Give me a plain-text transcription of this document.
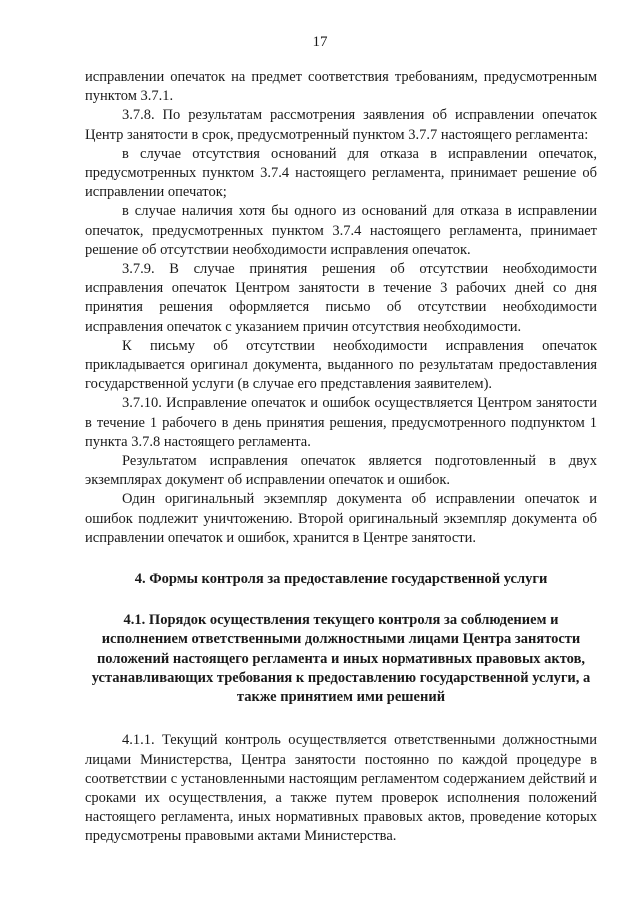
17

исправлении опечаток на предмет соответствия требованиям, предусмотренным пунктом 3.7.1.

3.7.8. По результатам рассмотрения заявления об исправлении опечаток Центр занятости в срок, предусмотренный пунктом 3.7.7 настоящего регламента:

в случае отсутствия оснований для отказа в исправлении опечаток, предусмотренных пунктом 3.7.4 настоящего регламента, принимает решение об исправлении опечаток;

в случае наличия хотя бы одного из оснований для отказа в исправлении опечаток, предусмотренных пунктом 3.7.4 настоящего регламента, принимает решение об отсутствии необходимости исправления опечаток.

3.7.9. В случае принятия решения об отсутствии необходимости исправления опечаток Центром занятости в течение 3 рабочих дней со дня принятия решения оформляется письмо об отсутствии необходимости исправления опечаток с указанием причин отсутствия необходимости.

К письму об отсутствии необходимости исправления опечаток прикладывается оригинал документа, выданного по результатам предоставления государственной услуги (в случае его представления заявителем).

3.7.10. Исправление опечаток и ошибок осуществляется Центром занятости в течение 1 рабочего в день принятия решения, предусмотренного подпунктом 1 пункта 3.7.8 настоящего регламента.

Результатом исправления опечаток является подготовленный в двух экземплярах документ об исправлении опечаток и ошибок.

Один оригинальный экземпляр документа об исправлении опечаток и ошибок подлежит уничтожению. Второй оригинальный экземпляр документа об исправлении опечаток и ошибок, хранится в Центре занятости.

4. Формы контроля за предоставление государственной услуги
4.1. Порядок осуществления текущего контроля за соблюдением и исполнением ответственными должностными лицами Центра занятости положений настоящего регламента и иных нормативных правовых актов, устанавливающих требования к предоставлению государственной услуги, а также принятием ими решений

4.1.1. Текущий контроль осуществляется ответственными должностными лицами Министерства, Центра занятости постоянно по каждой процедуре в соответствии с установленными настоящим регламентом содержанием действий и сроками их осуществления, а также путем проверок исполнения положений настоящего регламента, иных нормативных правовых актов, проведение которых предусмотрены правовыми актами Министерства.
